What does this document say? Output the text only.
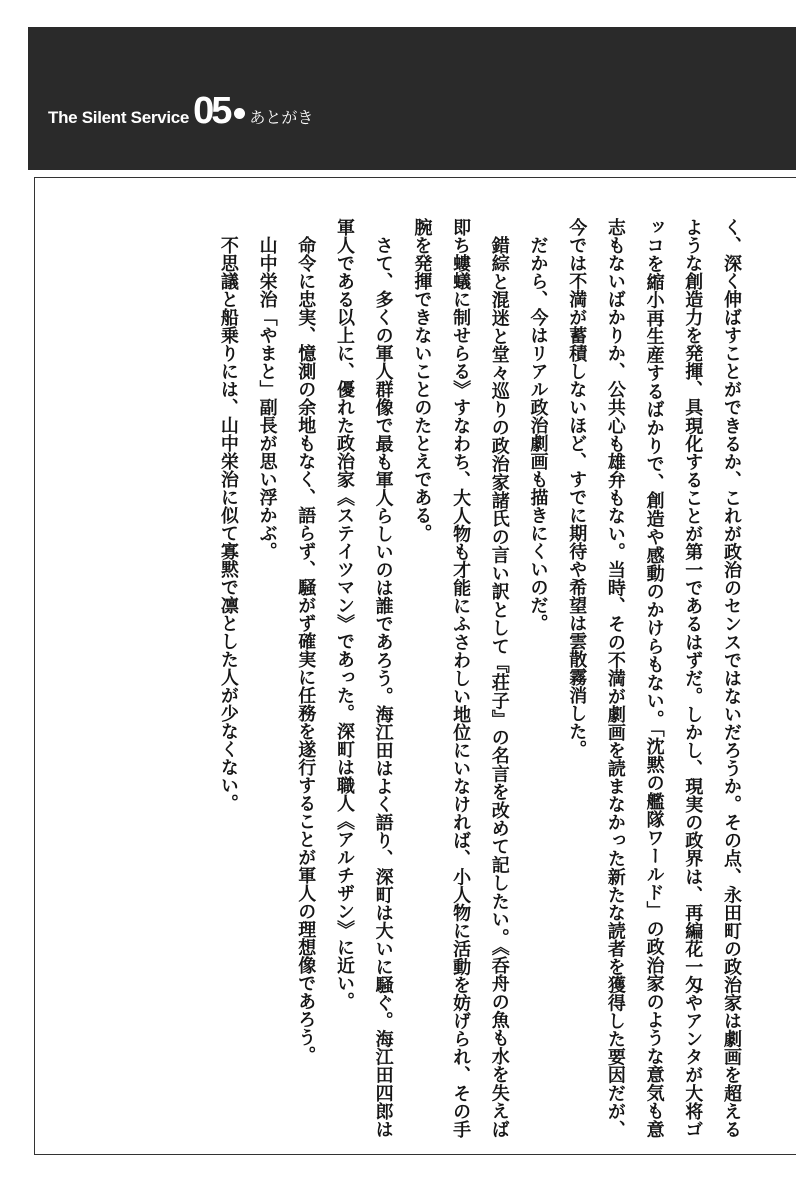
The Silent Service 05 あとがき

く、深く伸ばすことができるか、これが政治のセンスではないだろうか。その点、永田町の政治家は劇画を超えるような創造力を発揮、具現化することが第一であるはずだ。しかし、現実の政界は、再編花一匁やアンタが大将ゴッコを縮小再生産するばかりで、創造や感動のかけらもない。「沈黙の艦隊ワールド」の政治家のような意気も意志もないばかりか、公共心も雄弁もない。当時、その不満が劇画を読まなかった新たな読者を獲得した要因だが、今では不満が蓄積しないほど、すでに期待や希望は雲散霧消した。

だから、今はリアル政治劇画も描きにくいのだ。

錯綜と混迷と堂々巡りの政治家諸氏の言い訳として『荘子』の名言を改めて記したい。《呑舟の魚も水を失えば即ち螻蟻に制せらる》すなわち、大人物も才能にふさわしい地位にいなければ、小人物に活動を妨げられ、その手腕を発揮できないことのたとえである。

さて、多くの軍人群像で最も軍人らしいのは誰であろう。海江田はよく語り、深町は大いに騒ぐ。海江田四郎は軍人である以上に、優れた政治家《ステイツマン》であった。深町は職人《アルチザン》に近い。

命令に忠実、憶測の余地もなく、語らず、騒がず確実に任務を遂行することが軍人の理想像であろう。

山中栄治「やまと」副長が思い浮かぶ。

不思議と船乗りには、山中栄治に似て寡黙で凛とした人が少なくない。
